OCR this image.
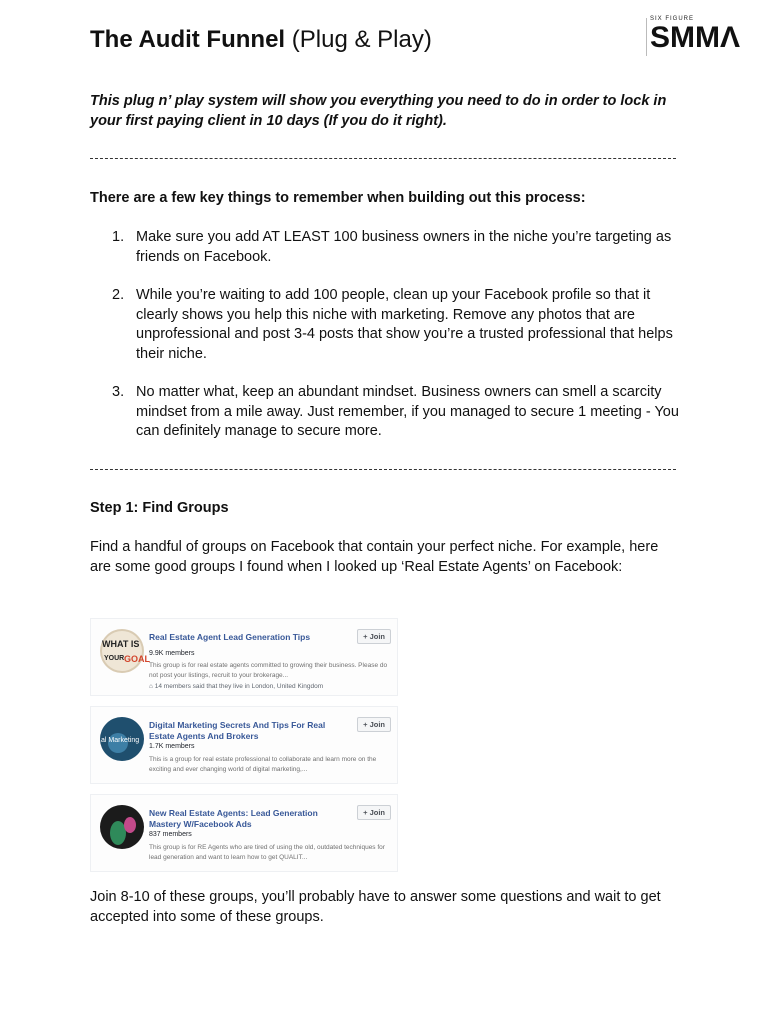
The Audit Funnel (Plug & Play)
SIX FIGURE
SMMΛ
This plug n’ play system will show you everything you need to do in order to lock in your first paying client in 10 days (If you do it right).
There are a few key things to remember when building out this process:
1. Make sure you add AT LEAST 100 business owners in the niche you’re targeting as friends on Facebook.
2. While you’re waiting to add 100 people, clean up your Facebook profile so that it clearly shows you help this niche with marketing. Remove any photos that are unprofessional and post 3-4 posts that show you’re a trusted professional that helps their niche.
3. No matter what, keep an abundant mindset. Business owners can smell a scarcity mindset from a mile away. Just remember, if you managed to secure 1 meeting - You can definitely manage to secure more.
Step 1: Find Groups
Find a handful of groups on Facebook that contain your perfect niche. For example, here are some good groups I found when I looked up ‘Real Estate Agents’ on Facebook:
WHAT IS
YOUR GOAL
Real Estate Agent Lead Generation Tips
9.9K members
This group is for real estate agents committed to growing their business. Please do not post your listings, recruit to your brokerage...
⌂ 14 members said that they live in London, United Kingdom
+ Join
al Marketing
Digital Marketing Secrets And Tips For Real Estate Agents And Brokers
1.7K members
This is a group for real estate professional to collaborate and learn more on the exciting and ever changing world of digital marketing,...
+ Join
New Real Estate Agents: Lead Generation Mastery W/Facebook Ads
837 members
This group is for RE Agents who are tired of using the old, outdated techniques for lead generation and want to learn how to get QUALIT...
+ Join
Join 8-10 of these groups, you’ll probably have to answer some questions and wait to get accepted into some of these groups.
